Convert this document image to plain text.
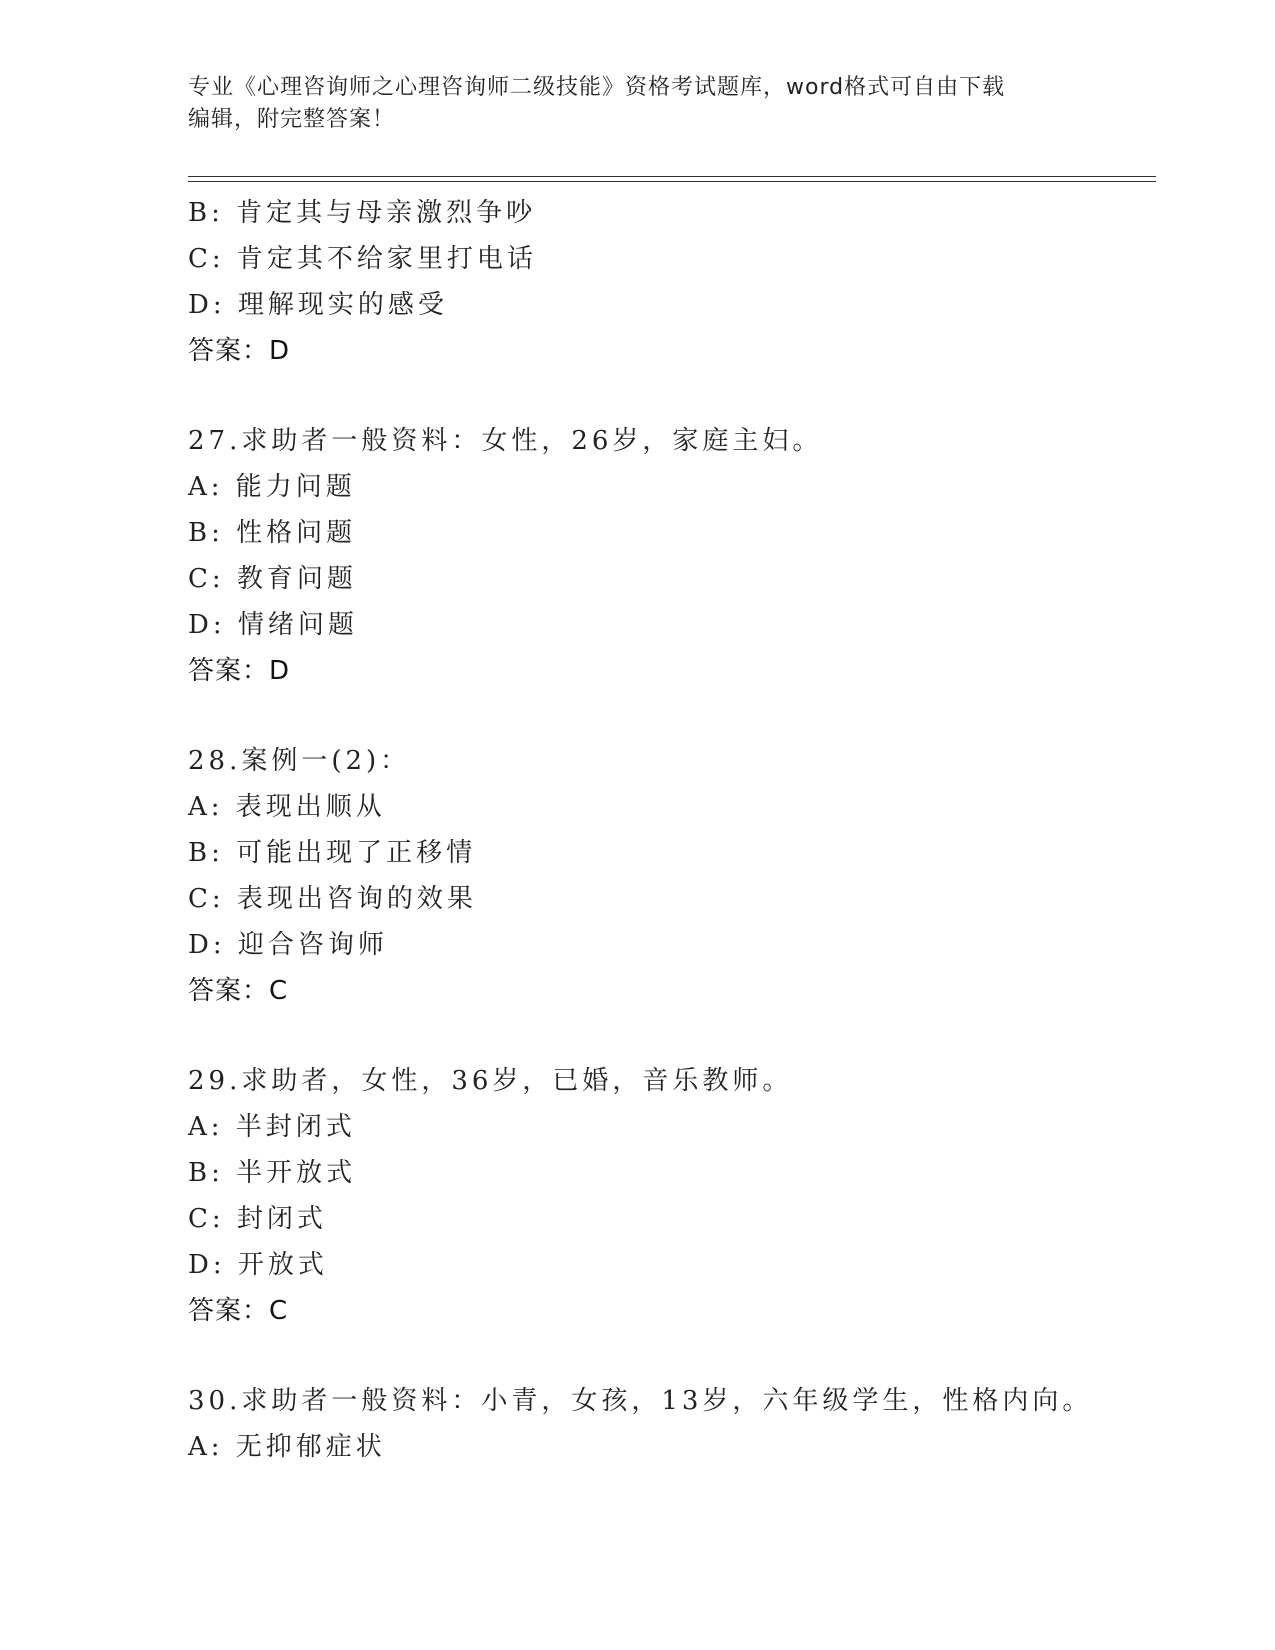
专业《心理咨询师之心理咨询师二级技能》资格考试题库，word格式可自由下载
编辑，附完整答案！
B: 肯定其与母亲激烈争吵
C: 肯定其不给家里打电话
D: 理解现实的感受
答案：D
27.求助者一般资料：女性，26岁，家庭主妇。
A: 能力问题
B: 性格问题
C: 教育问题
D: 情绪问题
答案：D
28.案例一(2)：
A: 表现出顺从
B: 可能出现了正移情
C: 表现出咨询的效果
D: 迎合咨询师
答案：C
29.求助者，女性，36岁，已婚，音乐教师。
A: 半封闭式
B: 半开放式
C: 封闭式
D: 开放式
答案：C
30.求助者一般资料：小青，女孩，13岁，六年级学生，性格内向。
A: 无抑郁症状
